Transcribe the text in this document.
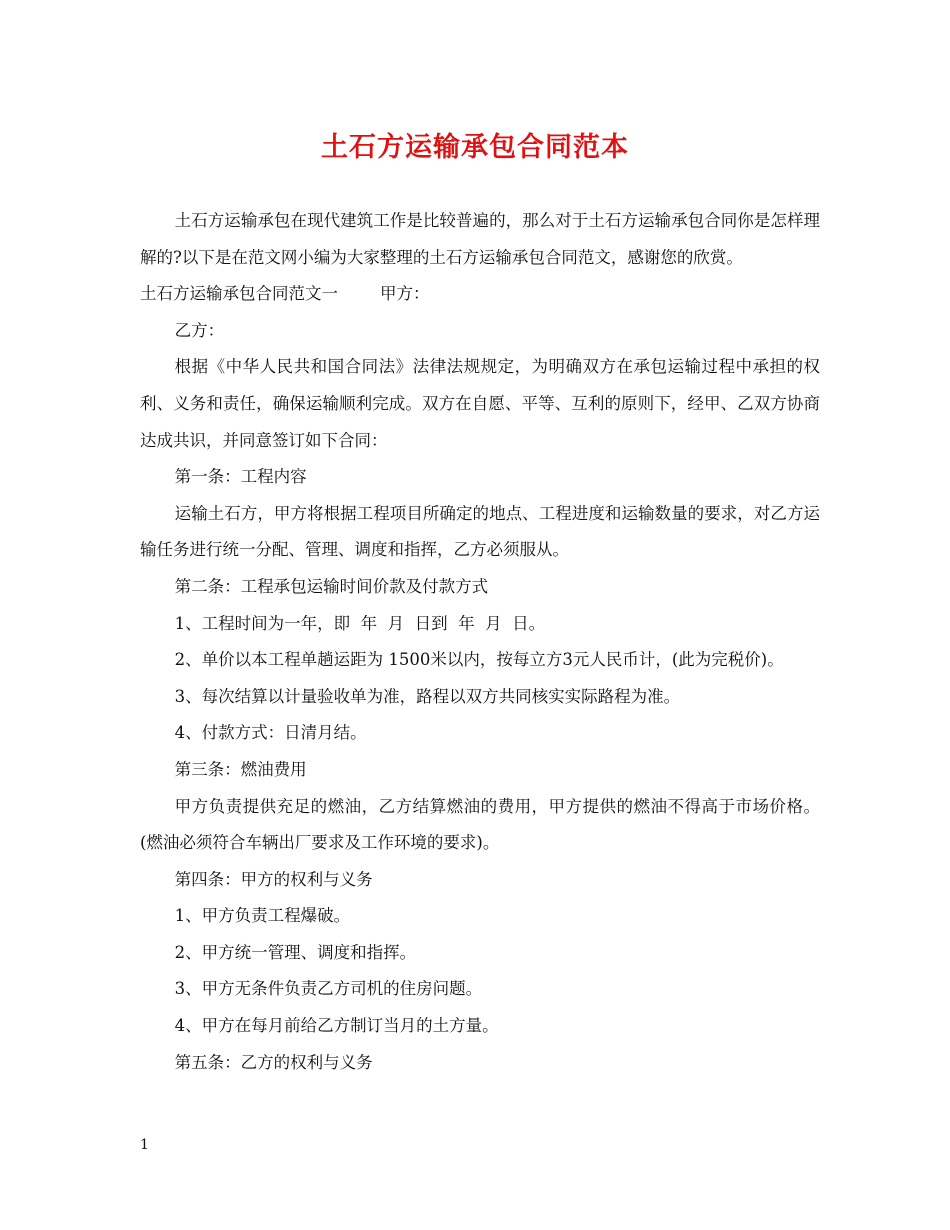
土石方运输承包合同范本

土石方运输承包在现代建筑工作是比较普遍的，那么对于土石方运输承包合同你是怎样理解的?以下是在范文网小编为大家整理的土石方运输承包合同范文，感谢您的欣赏。

土石方运输承包合同范文一	甲方：

乙方：

根据《中华人民共和国合同法》法律法规规定，为明确双方在承包运输过程中承担的权利、义务和责任，确保运输顺利完成。双方在自愿、平等、互利的原则下，经甲、乙双方协商达成共识，并同意签订如下合同：

第一条：工程内容

运输土石方，甲方将根据工程项目所确定的地点、工程进度和运输数量的要求，对乙方运输任务进行统一分配、管理、调度和指挥，乙方必须服从。

第二条：工程承包运输时间价款及付款方式

1、工程时间为一年，即  年  月  日到  年  月  日。

2、单价以本工程单趟运距为 1500米以内，按每立方3元人民币计，(此为完税价)。

3、每次结算以计量验收单为准，路程以双方共同核实实际路程为准。

4、付款方式：日清月结。

第三条：燃油费用

甲方负责提供充足的燃油，乙方结算燃油的费用，甲方提供的燃油不得高于市场价格。(燃油必须符合车辆出厂要求及工作环境的要求)。

第四条：甲方的权利与义务

1、甲方负责工程爆破。

2、甲方统一管理、调度和指挥。

3、甲方无条件负责乙方司机的住房问题。

4、甲方在每月前给乙方制订当月的土方量。

第五条：乙方的权利与义务

1
